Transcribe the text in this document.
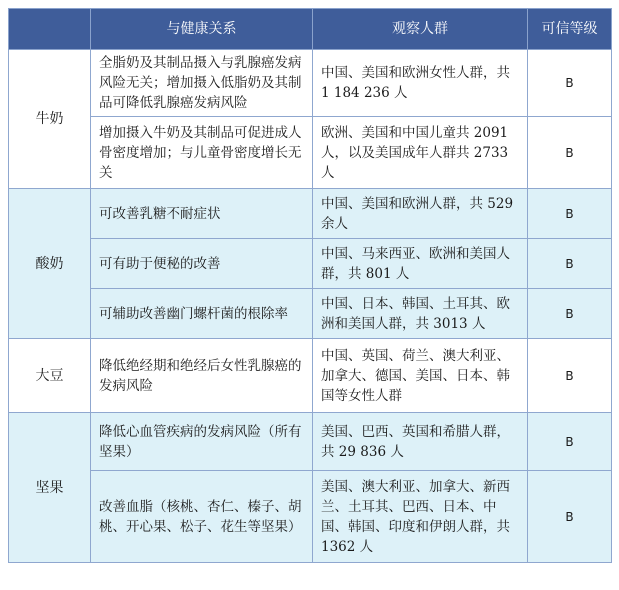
	与健康关系	观察人群	可信等级
牛奶	全脂奶及其制品摄入与乳腺癌发病风险无关；增加摄入低脂奶及其制品可降低乳腺癌发病风险	中国、美国和欧洲女性人群，共 1 184 236 人	B
	增加摄入牛奶及其制品可促进成人骨密度增加；与儿童骨密度增长无关	欧洲、美国和中国儿童共 2091 人，以及美国成年人群共 2733 人	B
酸奶	可改善乳糖不耐症状	中国、美国和欧洲人群，共 529 余人	B
	可有助于便秘的改善	中国、马来西亚、欧洲和美国人群，共 801 人	B
	可辅助改善幽门螺杆菌的根除率	中国、日本、韩国、土耳其、欧洲和美国人群，共 3013 人	B
大豆	降低绝经期和绝经后女性乳腺癌的发病风险	中国、英国、荷兰、澳大利亚、加拿大、德国、美国、日本、韩国等女性人群	B
坚果	降低心血管疾病的发病风险（所有坚果）	美国、巴西、英国和希腊人群，共 29 836 人	B
	改善血脂（核桃、杏仁、榛子、胡桃、开心果、松子、花生等坚果）	美国、澳大利亚、加拿大、新西兰、土耳其、巴西、日本、中国、韩国、印度和伊朗人群，共 1362 人	B
